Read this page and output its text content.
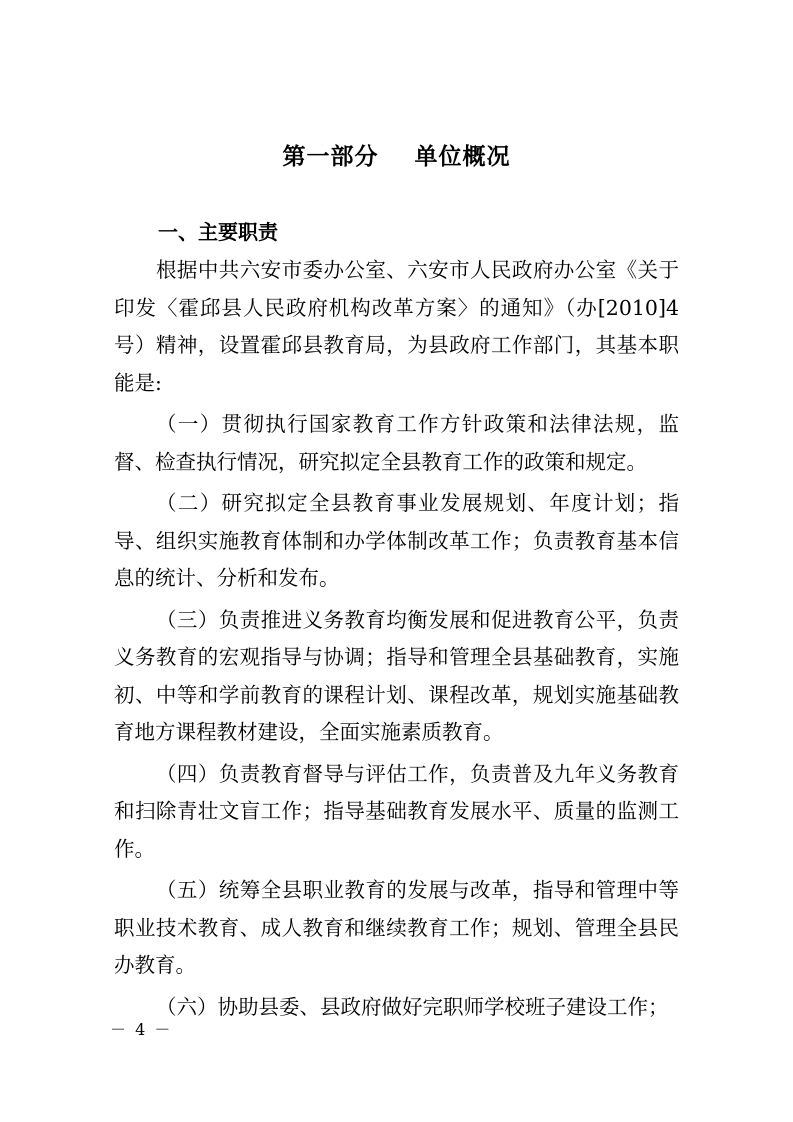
第一部分    单位概况
一、主要职责

根据中共六安市委办公室、六安市人民政府办公室《关于印发〈霍邱县人民政府机构改革方案〉的通知》（办[2010]4号）精神，设置霍邱县教育局，为县政府工作部门，其基本职能是:

（一）贯彻执行国家教育工作方针政策和法律法规，监督、检查执行情况，研究拟定全县教育工作的政策和规定。

（二）研究拟定全县教育事业发展规划、年度计划；指导、组织实施教育体制和办学体制改革工作；负责教育基本信息的统计、分析和发布。

（三）负责推进义务教育均衡发展和促进教育公平，负责义务教育的宏观指导与协调；指导和管理全县基础教育，实施初、中等和学前教育的课程计划、课程改革，规划实施基础教育地方课程教材建设，全面实施素质教育。

（四）负责教育督导与评估工作，负责普及九年义务教育和扫除青壮文盲工作；指导基础教育发展水平、质量的监测工作。

（五）统筹全县职业教育的发展与改革，指导和管理中等职业技术教育、成人教育和继续教育工作；规划、管理全县民办教育。

（六）协助县委、县政府做好完职师学校班子建设工作；

－ 4 －
